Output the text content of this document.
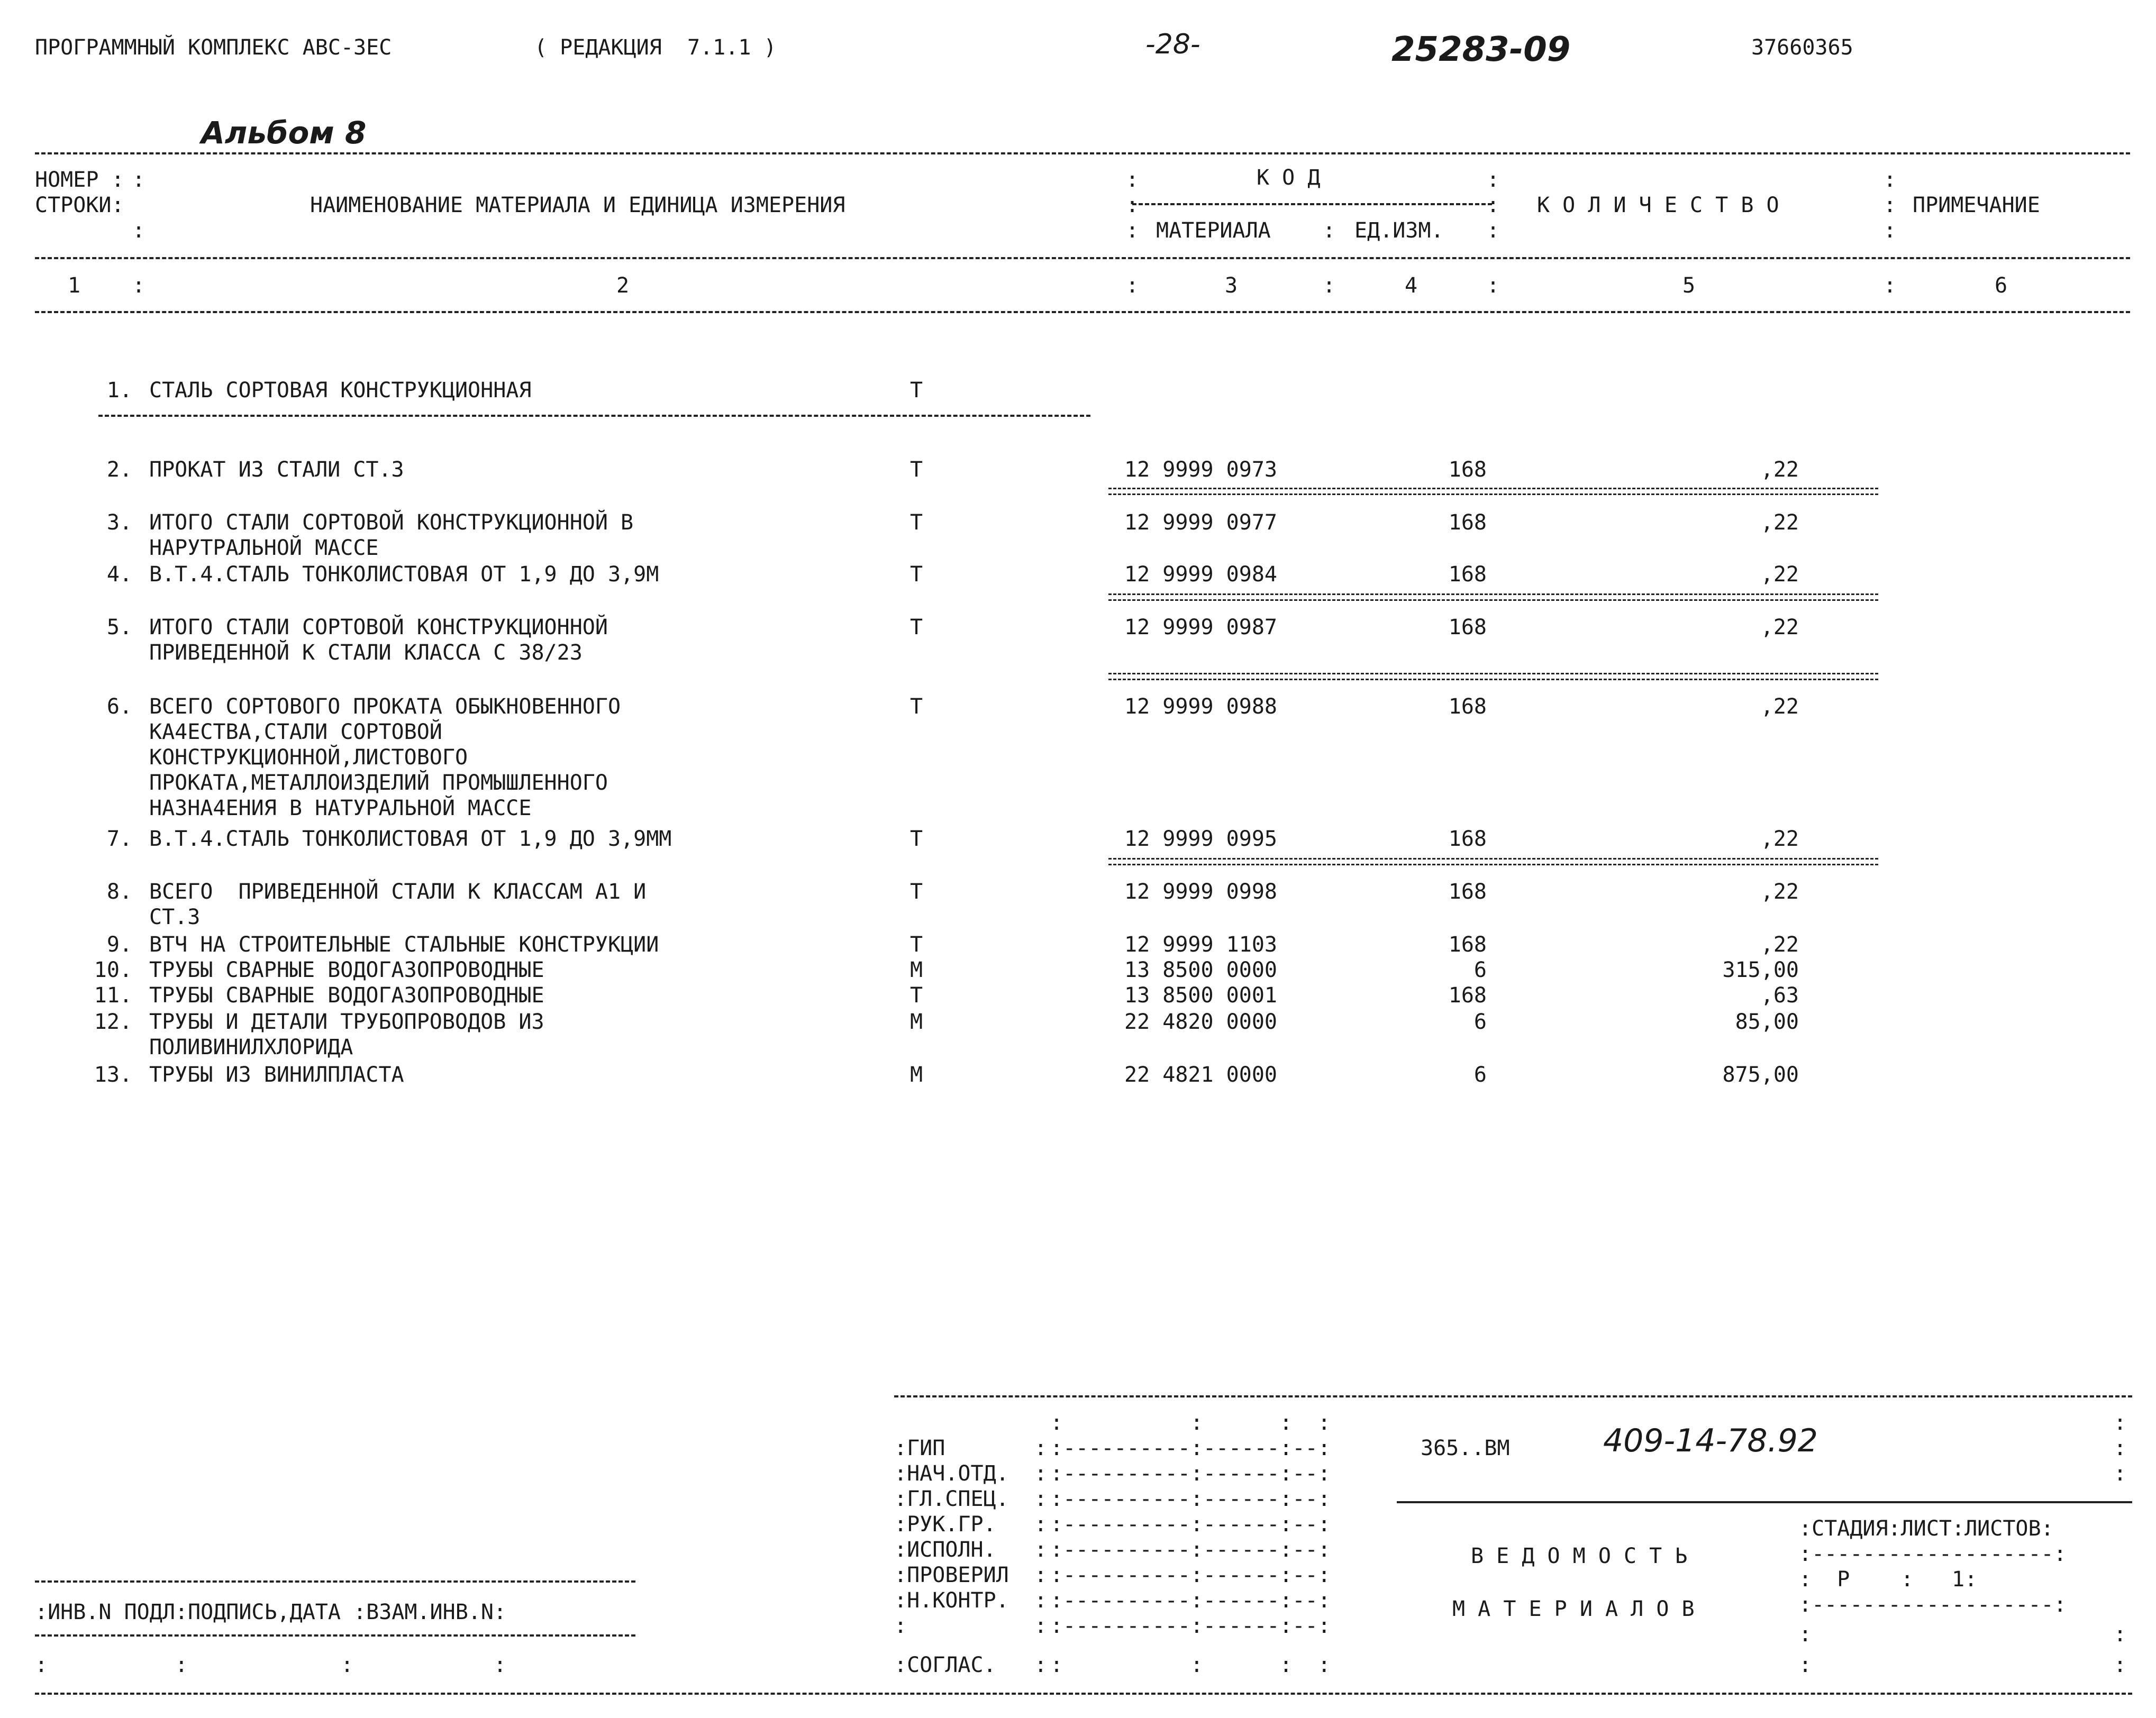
ПРОГРАММНЫЙ КОМПЛЕКС АВС-3ЕС	( РЕДАКЦИЯ  7.1.1 )	-28-	25283-09	37660365
Альбом 8
НОМЕР :
СТРОКИ:
:
НАИМЕНОВАНИЕ МАТЕРИАЛА И ЕДИНИЦА ИЗМЕРЕНИЯ
К О Д
МАТЕРИАЛА	ЕД.ИЗМ.
К О Л И Ч Е С Т В О	ПРИМЕЧАНИЕ
:	:
:
:	:
:
:
:
:
:
:
1 :	2	:	3	:	4	:	5	:	6
1. СТАЛЬ СОРТОВАЯ КОНСТРУКЦИОННАЯ	Т
2. ПРОКАТ ИЗ СТАЛИ СТ.3	Т	12 9999 0973	168	,22
3. ИТОГО СТАЛИ СОРТОВОЙ КОНСТРУКЦИОННОЙ В
НАРУТРАЛЬНОЙ МАССЕ
Т	12 9999 0977	168	,22
4. В.Т.4.СТАЛЬ ТОНКОЛИСТОВАЯ ОТ 1,9 ДО 3,9М	Т	12 9999 0984	168	,22
5. ИТОГО СТАЛИ СОРТОВОЙ КОНСТРУКЦИОННОЙ
ПРИВЕДЕННОЙ К СТАЛИ КЛАССА С 38/23
Т	12 9999 0987	168	,22
6. ВСЕГО СОРТОВОГО ПРОКАТА ОБЫКНОВЕННОГО
КА4ЕСТВА,СТАЛИ СОРТОВОЙ
КОНСТРУКЦИОННОЙ,ЛИСТОВОГО
ПРОКАТА,МЕТАЛЛОИЗДЕЛИЙ ПРОМЫШЛЕННОГО
НАЗНА4ЕНИЯ В НАТУРАЛЬНОЙ МАССЕ
Т	12 9999 0988	168	,22
7. В.Т.4.СТАЛЬ ТОНКОЛИСТОВАЯ ОТ 1,9 ДО 3,9ММ	Т	12 9999 0995	168	,22
8. ВСЕГО  ПРИВЕДЕННОЙ СТАЛИ К КЛАССАМ А1 И
СТ.3
Т	12 9999 0998	168	,22
9. ВТЧ НА СТРОИТЕЛЬНЫЕ СТАЛЬНЫЕ КОНСТРУКЦИИ	Т	12 9999 1103	168	,22
10. ТРУБЫ СВАРНЫЕ ВОДОГАЗОПРОВОДНЫЕ	М	13 8500 0000	6	315,00
11. ТРУБЫ СВАРНЫЕ ВОДОГАЗОПРОВОДНЫЕ	Т	13 8500 0001	168	,63
12. ТРУБЫ И ДЕТАЛИ ТРУБОПРОВОДОВ ИЗ
ПОЛИВИНИЛХЛОРИДА
М	22 4820 0000	6	85,00
13. ТРУБЫ ИЗ ВИНИЛПЛАСТА	М	22 4821 0000	6	875,00
:ИНВ.N ПОДЛ:ПОДПИСЬ,ДАТА :ВЗАМ.ИНВ.N:
:          :            :           :
:ГИП       :
:НАЧ.ОТД.  :
:ГЛ.СПЕЦ.  :
:РУК.ГР.   :
:ИСПОЛН.   :
:ПРОВЕРИЛ  :
:Н.КОНТР.  :
:          :
:СОГЛАС.   :
:          :      :  :
:----------:------:--:
:----------:------:--:
:----------:------:--:
:----------:------:--:
:----------:------:--:
:----------:------:--:
:----------:------:--:
:----------:------:--:
:          :      :  :
365..ВМ	409-14-78.92	:
:
:
В Е Д О М О С Т Ь
М А Т Е Р И А Л О В
:СТАДИЯ:ЛИСТ:ЛИСТОВ:
:-------------------:
:  Р    :   1:
:-------------------:
:
:
:
:
